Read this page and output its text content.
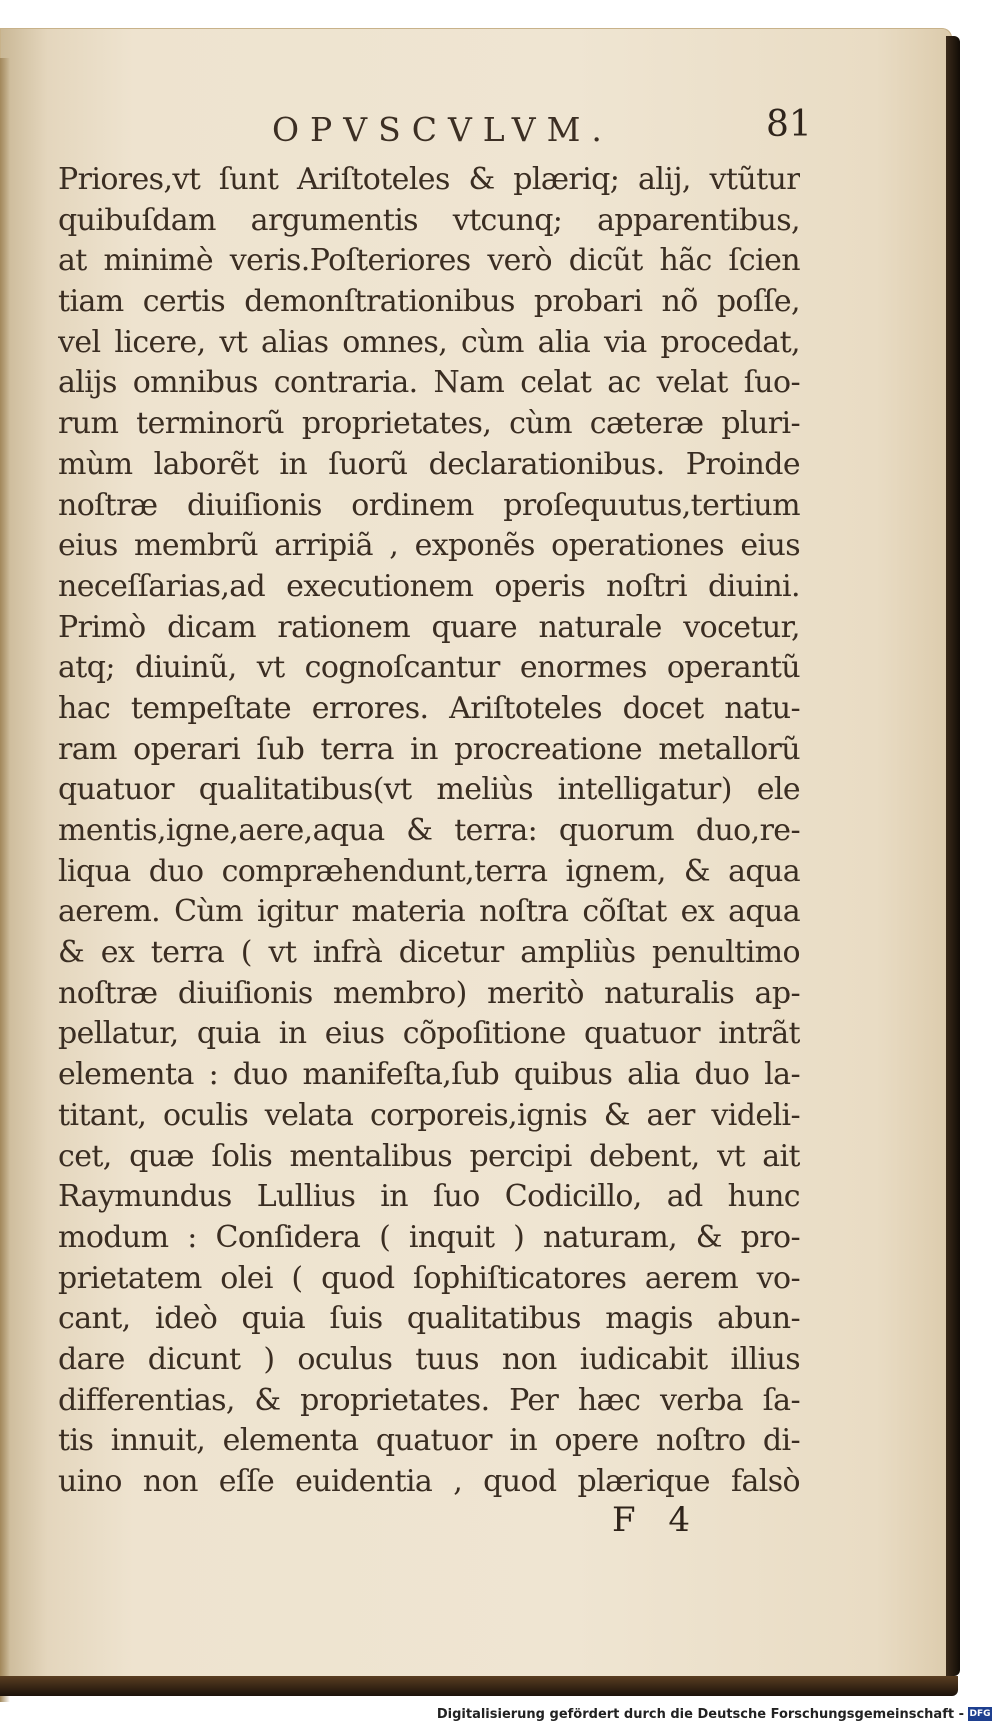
OPVSCVLVM.	81
Priores,vt ſunt Ariſtoteles & plæriq; alij, vtũtur
quibuſdam argumentis vtcunq; apparentibus,
at minimè veris.Poſteriores verò dicũt hãc ſcien
tiam certis demonſtrationibus probari nõ poſſe,
vel licere, vt alias omnes, cùm alia via procedat,
alijs omnibus contraria. Nam celat ac velat ſuo-
rum terminorũ proprietates, cùm cæteræ pluri-
mùm laborẽt in ſuorũ declarationibus. Proinde
noſtræ diuiſionis ordinem proſequutus,tertium
eius membrũ arripiã , exponẽs operationes eius
neceſſarias,ad executionem operis noſtri diuini.
Primò dicam rationem quare naturale vocetur,
atq; diuinũ, vt cognoſcantur enormes operantũ
hac tempeſtate errores. Ariſtoteles docet natu-
ram operari ſub terra in procreatione metallorũ
quatuor qualitatibus(vt meliùs intelligatur) ele
mentis,igne,aere,aqua & terra: quorum duo,re-
liqua duo compræhendunt,terra ignem, & aqua
aerem. Cùm igitur materia noſtra cõſtat ex aqua
& ex terra ( vt infrà dicetur ampliùs penultimo
noſtræ diuiſionis membro) meritò naturalis ap-
pellatur, quia in eius cõpoſitione quatuor intrãt
elementa : duo manifeſta,ſub quibus alia duo la-
titant, oculis velata corporeis,ignis & aer videli-
cet, quæ ſolis mentalibus percipi debent, vt ait
Raymundus Lullius in ſuo Codicillo, ad hunc
modum : Conſidera ( inquit ) naturam, & pro-
prietatem olei ( quod ſophiſticatores aerem vo-
cant, ideò quia ſuis qualitatibus magis abun-
dare dicunt ) oculus tuus non iudicabit illius
differentias, & proprietates. Per hæc verba ſa-
tis innuit, elementa quatuor in opere noſtro di-
uino non eſſe euidentia , quod plærique falsò
F 4
Digitalisierung gefördert durch die Deutsche Forschungsgemeinschaft - DFG
